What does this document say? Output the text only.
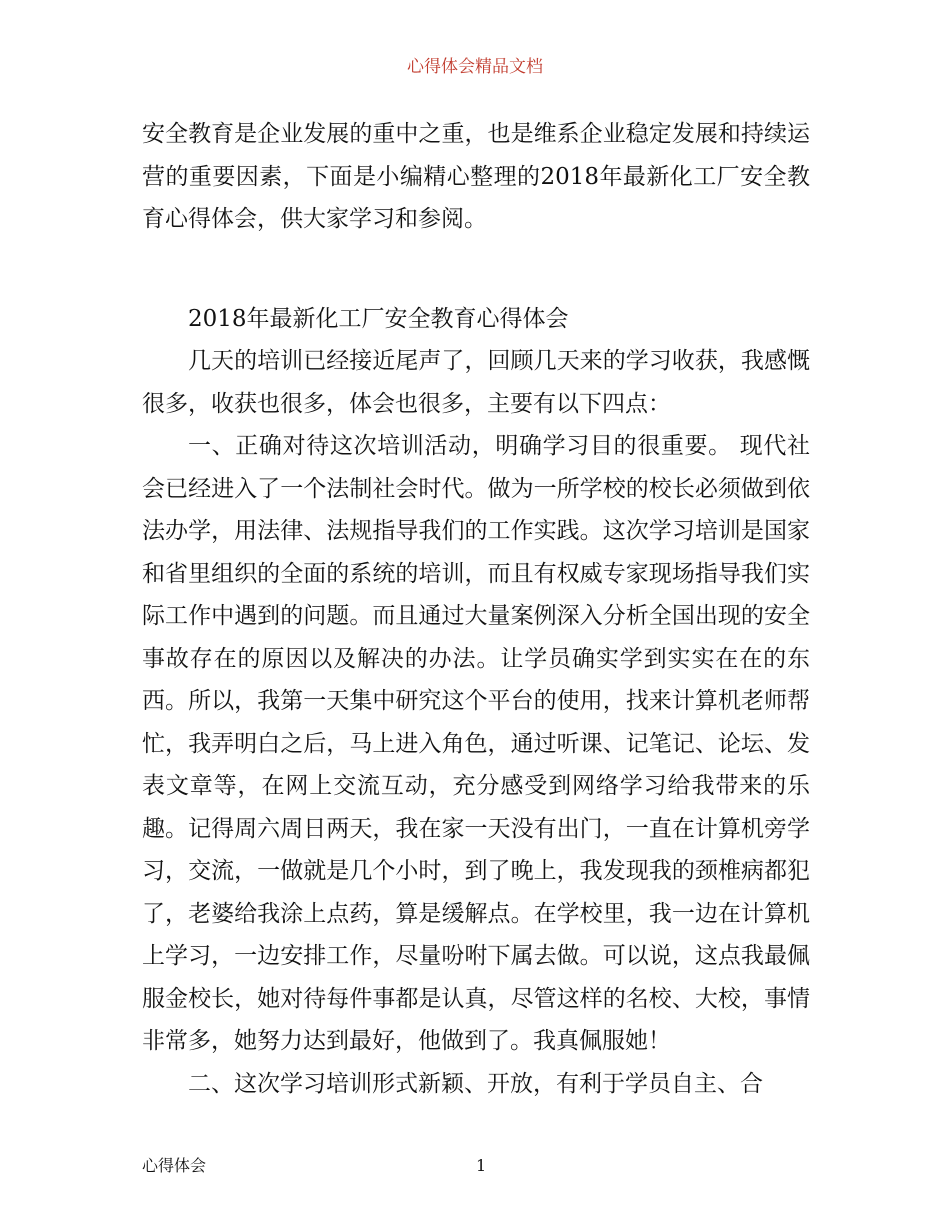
心得体会精品文档

安全教育是企业发展的重中之重，也是维系企业稳定发展和持续运营的重要因素，下面是小编精心整理的2018年最新化工厂安全教育心得体会，供大家学习和参阅。

2018年最新化工厂安全教育心得体会

几天的培训已经接近尾声了，回顾几天来的学习收获，我感慨很多，收获也很多，体会也很多，主要有以下四点：

一、正确对待这次培训活动，明确学习目的很重要。 现代社会已经进入了一个法制社会时代。做为一所学校的校长必须做到依法办学，用法律、法规指导我们的工作实践。这次学习培训是国家和省里组织的全面的系统的培训，而且有权威专家现场指导我们实际工作中遇到的问题。而且通过大量案例深入分析全国出现的安全事故存在的原因以及解决的办法。让学员确实学到实实在在的东西。所以，我第一天集中研究这个平台的使用，找来计算机老师帮忙，我弄明白之后，马上进入角色，通过听课、记笔记、论坛、发表文章等，在网上交流互动，充分感受到网络学习给我带来的乐趣。记得周六周日两天，我在家一天没有出门，一直在计算机旁学习，交流，一做就是几个小时，到了晚上，我发现我的颈椎病都犯了，老婆给我涂上点药，算是缓解点。在学校里，我一边在计算机上学习，一边安排工作，尽量吩咐下属去做。可以说，这点我最佩服金校长，她对待每件事都是认真，尽管这样的名校、大校，事情非常多，她努力达到最好，他做到了。我真佩服她！

二、这次学习培训形式新颖、开放，有利于学员自主、合

心得体会	1
